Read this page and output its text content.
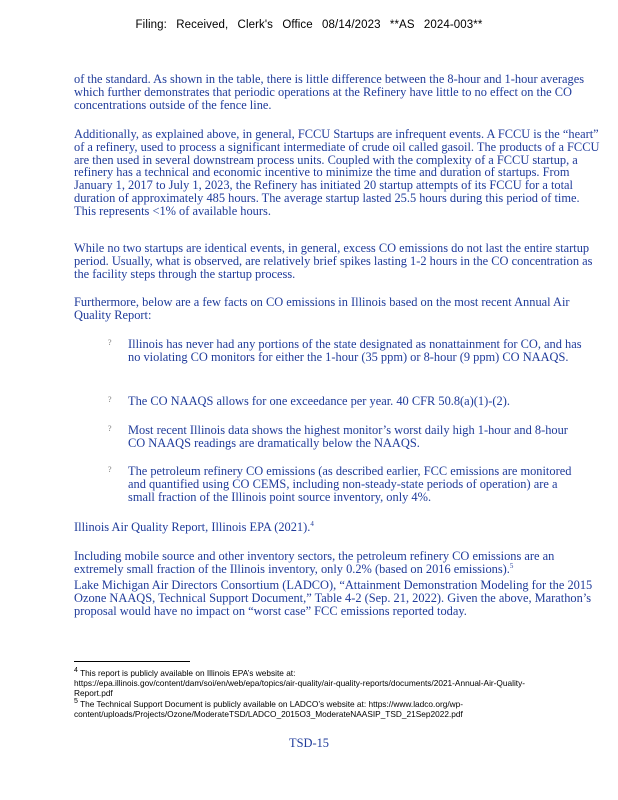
Filing: Received, Clerk's Office 08/14/2023 **AS 2024-003**
of the standard. As shown in the table, there is little difference between the 8-hour and 1-hour averages which further demonstrates that periodic operations at the Refinery have little to no effect on the CO concentrations outside of the fence line.
Additionally, as explained above, in general, FCCU Startups are infrequent events. A FCCU is the “heart” of a refinery, used to process a significant intermediate of crude oil called gasoil. The products of a FCCU are then used in several downstream process units. Coupled with the complexity of a FCCU startup, a refinery has a technical and economic incentive to minimize the time and duration of startups. From January 1, 2017 to July 1, 2023, the Refinery has initiated 20 startup attempts of its FCCU for a total duration of approximately 485 hours. The average startup lasted 25.5 hours during this period of time. This represents <1% of available hours.
While no two startups are identical events, in general, excess CO emissions do not last the entire startup period. Usually, what is observed, are relatively brief spikes lasting 1-2 hours in the CO concentration as the facility steps through the startup process.
Furthermore, below are a few facts on CO emissions in Illinois based on the most recent Annual Air Quality Report:
? Illinois has never had any portions of the state designated as nonattainment for CO, and has no violating CO monitors for either the 1-hour (35 ppm) or 8-hour (9 ppm) CO NAAQS.
? The CO NAAQS allows for one exceedance per year. 40 CFR 50.8(a)(1)-(2).
? Most recent Illinois data shows the highest monitor’s worst daily high 1-hour and 8-hour CO NAAQS readings are dramatically below the NAAQS.
? The petroleum refinery CO emissions (as described earlier, FCC emissions are monitored and quantified using CO CEMS, including non-steady-state periods of operation) are a small fraction of the Illinois point source inventory, only 4%.
Illinois Air Quality Report, Illinois EPA (2021).$^4$
Including mobile source and other inventory sectors, the petroleum refinery CO emissions are an extremely small fraction of the Illinois inventory, only 0.2% (based on 2016 emissions).$^5$
Lake Michigan Air Directors Consortium (LADCO), “Attainment Demonstration Modeling for the 2015 Ozone NAAQS, Technical Support Document,” Table 4-2 (Sep. 21, 2022). Given the above, Marathon’s proposal would have no impact on “worst case” FCC emissions reported today.
$^4$ This report is publicly available on Illinois EPA’s website at:
https://epa.illinois.gov/content/dam/soi/en/web/epa/topics/air-quality/air-quality-reports/documents/2021-Annual-Air-Quality-Report.pdf
$^5$ The Technical Support Document is publicly available on LADCO’s website at: https://www.ladco.org/wp-content/uploads/Projects/Ozone/ModerateTSD/LADCO_2015O3_ModerateNAASIP_TSD_21Sep2022.pdf
TSD-15
